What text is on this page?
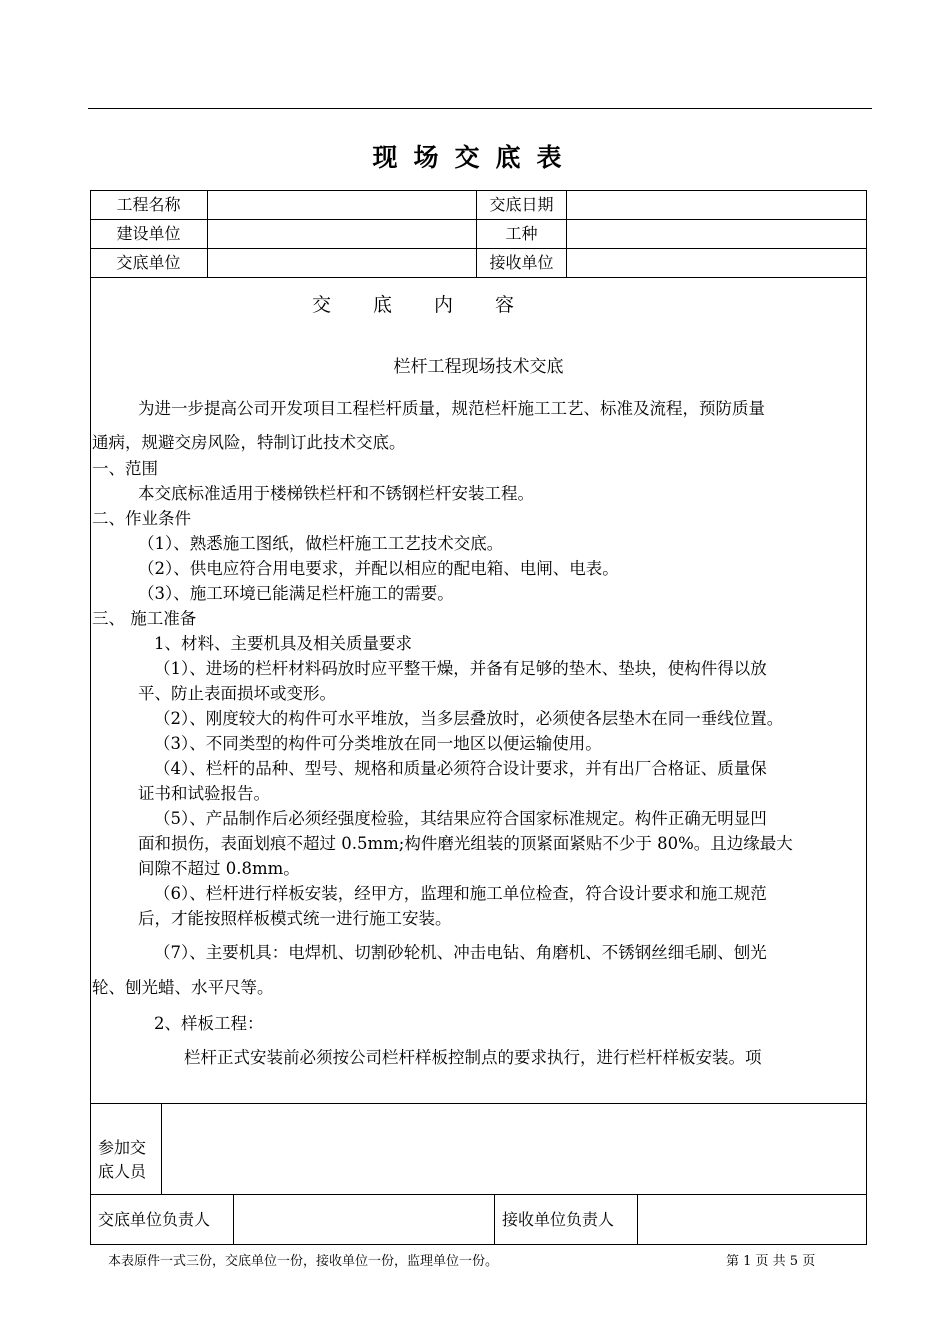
现场交底表
工程名称	交底日期
建设单位	工种
交底单位	接收单位
交底内容
栏杆工程现场技术交底
为进一步提高公司开发项目工程栏杆质量，规范栏杆施工工艺、标准及流程，预防质量
通病，规避交房风险，特制订此技术交底。
一、范围
本交底标准适用于楼梯铁栏杆和不锈钢栏杆安装工程。
二、作业条件
（1）、熟悉施工图纸，做栏杆施工工艺技术交底。
（2）、供电应符合用电要求，并配以相应的配电箱、电闸、电表。
（3）、施工环境已能满足栏杆施工的需要。
三、 施工准备
1、材料、主要机具及相关质量要求
（1）、进场的栏杆材料码放时应平整干燥，并备有足够的垫木、垫块，使构件得以放
平、防止表面损坏或变形。
（2）、刚度较大的构件可水平堆放，当多层叠放时，必须使各层垫木在同一垂线位置。
（3）、不同类型的构件可分类堆放在同一地区以便运输使用。
（4）、栏杆的品种、型号、规格和质量必须符合设计要求，并有出厂合格证、质量保
证书和试验报告。
（5）、产品制作后必须经强度检验，其结果应符合国家标准规定。构件正确无明显凹
面和损伤，表面划痕不超过 0.5mm;构件磨光组装的顶紧面紧贴不少于 80%。且边缘最大
间隙不超过 0.8mm。
（6）、栏杆进行样板安装，经甲方，监理和施工单位检查，符合设计要求和施工规范
后，才能按照样板模式统一进行施工安装。
（7）、主要机具：电焊机、切割砂轮机、冲击电钻、角磨机、不锈钢丝细毛刷、刨光
轮、刨光蜡、水平尺等。
2、样板工程：
栏杆正式安装前必须按公司栏杆样板控制点的要求执行，进行栏杆样板安装。项
参加交底人员
交底单位负责人	接收单位负责人
本表原件一式三份，交底单位一份，接收单位一份，监理单位一份。	第 1 页 共 5 页
